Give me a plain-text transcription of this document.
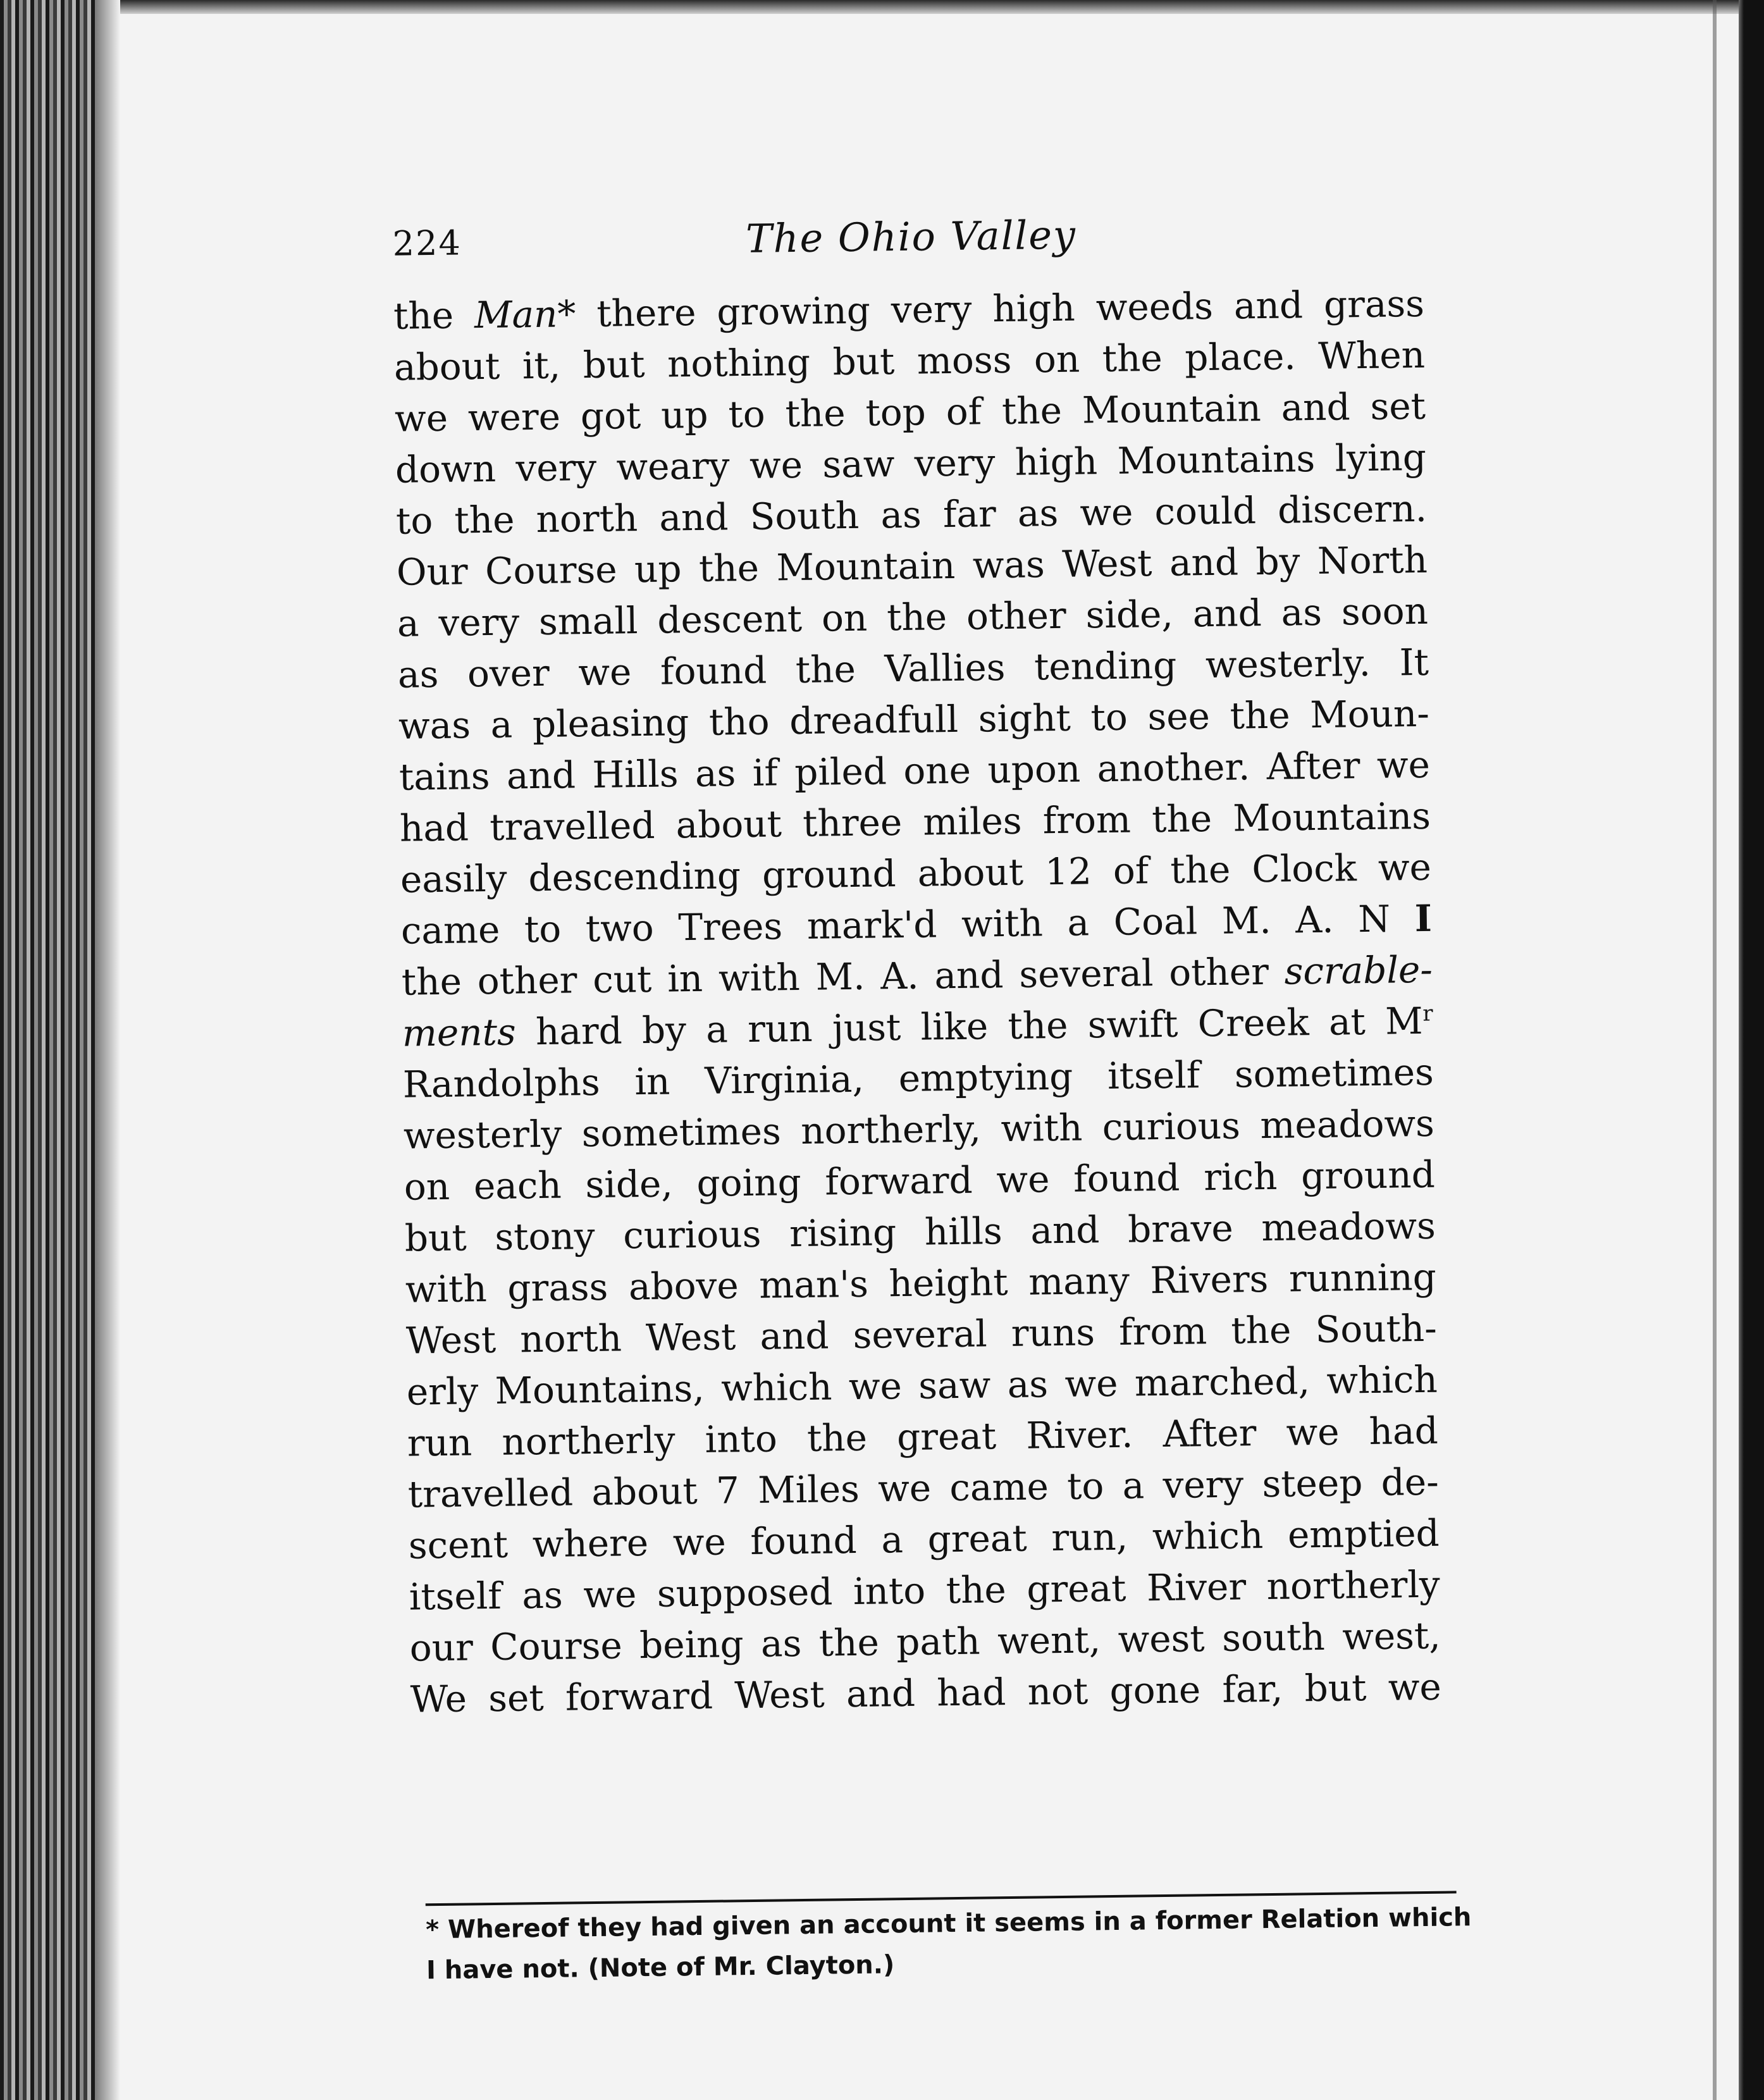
224	The Ohio Valley
the Man* there growing very high weeds and grass
about it, but nothing but moss on the place. When
we were got up to the top of the Mountain and set
down very weary we saw very high Mountains lying
to the north and South as far as we could discern.
Our Course up the Mountain was West and by North
a very small descent on the other side, and as soon
as over we found the Vallies tending westerly. It
was a pleasing tho dreadfull sight to see the Moun-
tains and Hills as if piled one upon another. After we
had travelled about three miles from the Mountains
easily descending ground about 12 of the Clock we
came to two Trees mark'd with a Coal M. A. N Ⅰ
the other cut in with M. A. and several other scrable-
ments hard by a run just like the swift Creek at $M^r$
Randolphs in Virginia, emptying itself sometimes
westerly sometimes northerly, with curious meadows
on each side, going forward we found rich ground
but stony curious rising hills and brave meadows
with grass above man's height many Rivers running
West north West and several runs from the South-
erly Mountains, which we saw as we marched, which
run northerly into the great River. After we had
travelled about 7 Miles we came to a very steep de-
scent where we found a great run, which emptied
itself as we supposed into the great River northerly
our Course being as the path went, west south west,
We set forward West and had not gone far, but we
* Whereof they had given an account it seems in a former Relation which
I have not. (Note of Mr. Clayton.)
